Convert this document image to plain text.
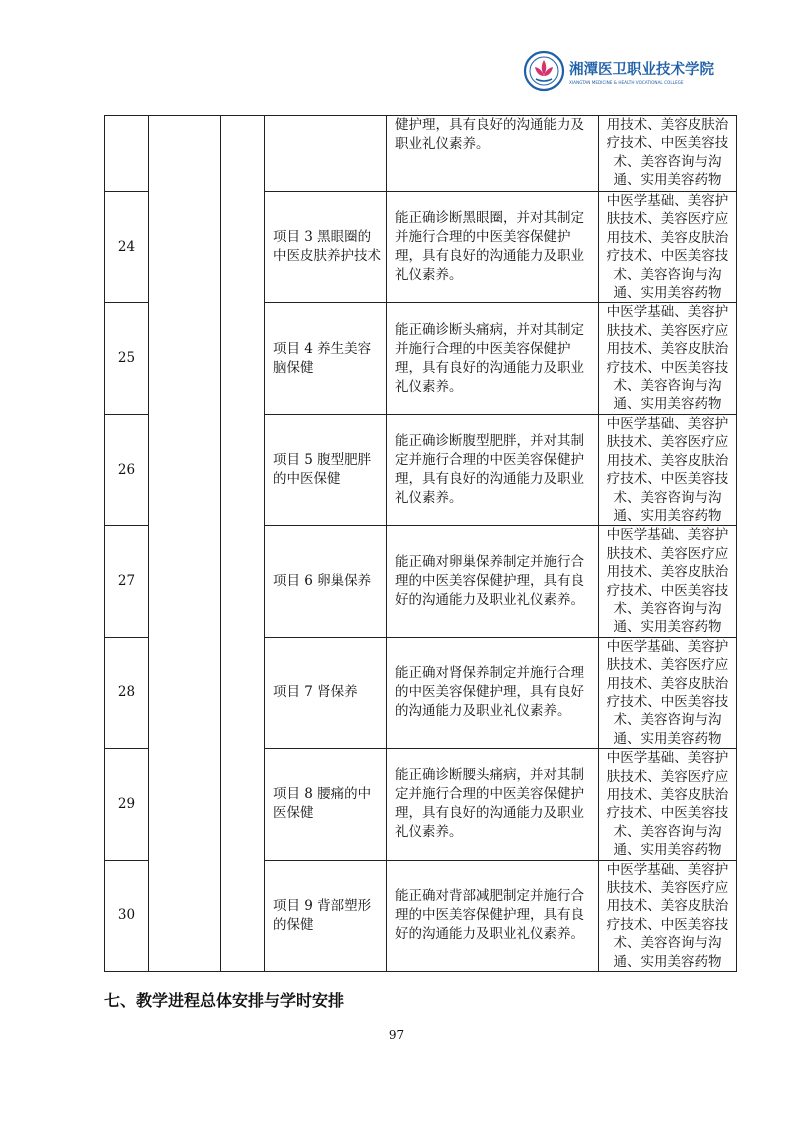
湘潭医卫职业技术学院
XIANGTAN MEDICINE & HEALTH VOCATIONAL COLLEGE
				健护理，具有良好的沟通能力及职业礼仪素养。	用技术、美容皮肤治疗技术、中医美容技术、美容咨询与沟通、实用美容药物
24			项目 3 黑眼圈的中医皮肤养护技术	能正确诊断黑眼圈，并对其制定并施行合理的中医美容保健护理，具有良好的沟通能力及职业礼仪素养。	中医学基础、美容护肤技术、美容医疗应用技术、美容皮肤治疗技术、中医美容技术、美容咨询与沟通、实用美容药物
25			项目 4 养生美容脑保健	能正确诊断头痛病，并对其制定并施行合理的中医美容保健护理，具有良好的沟通能力及职业礼仪素养。	中医学基础、美容护肤技术、美容医疗应用技术、美容皮肤治疗技术、中医美容技术、美容咨询与沟通、实用美容药物
26			项目 5 腹型肥胖的中医保健	能正确诊断腹型肥胖，并对其制定并施行合理的中医美容保健护理，具有良好的沟通能力及职业礼仪素养。	中医学基础、美容护肤技术、美容医疗应用技术、美容皮肤治疗技术、中医美容技术、美容咨询与沟通、实用美容药物
27			项目 6 卵巢保养	能正确对卵巢保养制定并施行合理的中医美容保健护理，具有良好的沟通能力及职业礼仪素养。	中医学基础、美容护肤技术、美容医疗应用技术、美容皮肤治疗技术、中医美容技术、美容咨询与沟通、实用美容药物
28			项目 7 肾保养	能正确对肾保养制定并施行合理的中医美容保健护理，具有良好的沟通能力及职业礼仪素养。	中医学基础、美容护肤技术、美容医疗应用技术、美容皮肤治疗技术、中医美容技术、美容咨询与沟通、实用美容药物
29			项目 8 腰痛的中医保健	能正确诊断腰头痛病，并对其制定并施行合理的中医美容保健护理，具有良好的沟通能力及职业礼仪素养。	中医学基础、美容护肤技术、美容医疗应用技术、美容皮肤治疗技术、中医美容技术、美容咨询与沟通、实用美容药物
30			项目 9 背部塑形的保健	能正确对背部减肥制定并施行合理的中医美容保健护理，具有良好的沟通能力及职业礼仪素养。	中医学基础、美容护肤技术、美容医疗应用技术、美容皮肤治疗技术、中医美容技术、美容咨询与沟通、实用美容药物
七、教学进程总体安排与学时安排
97
